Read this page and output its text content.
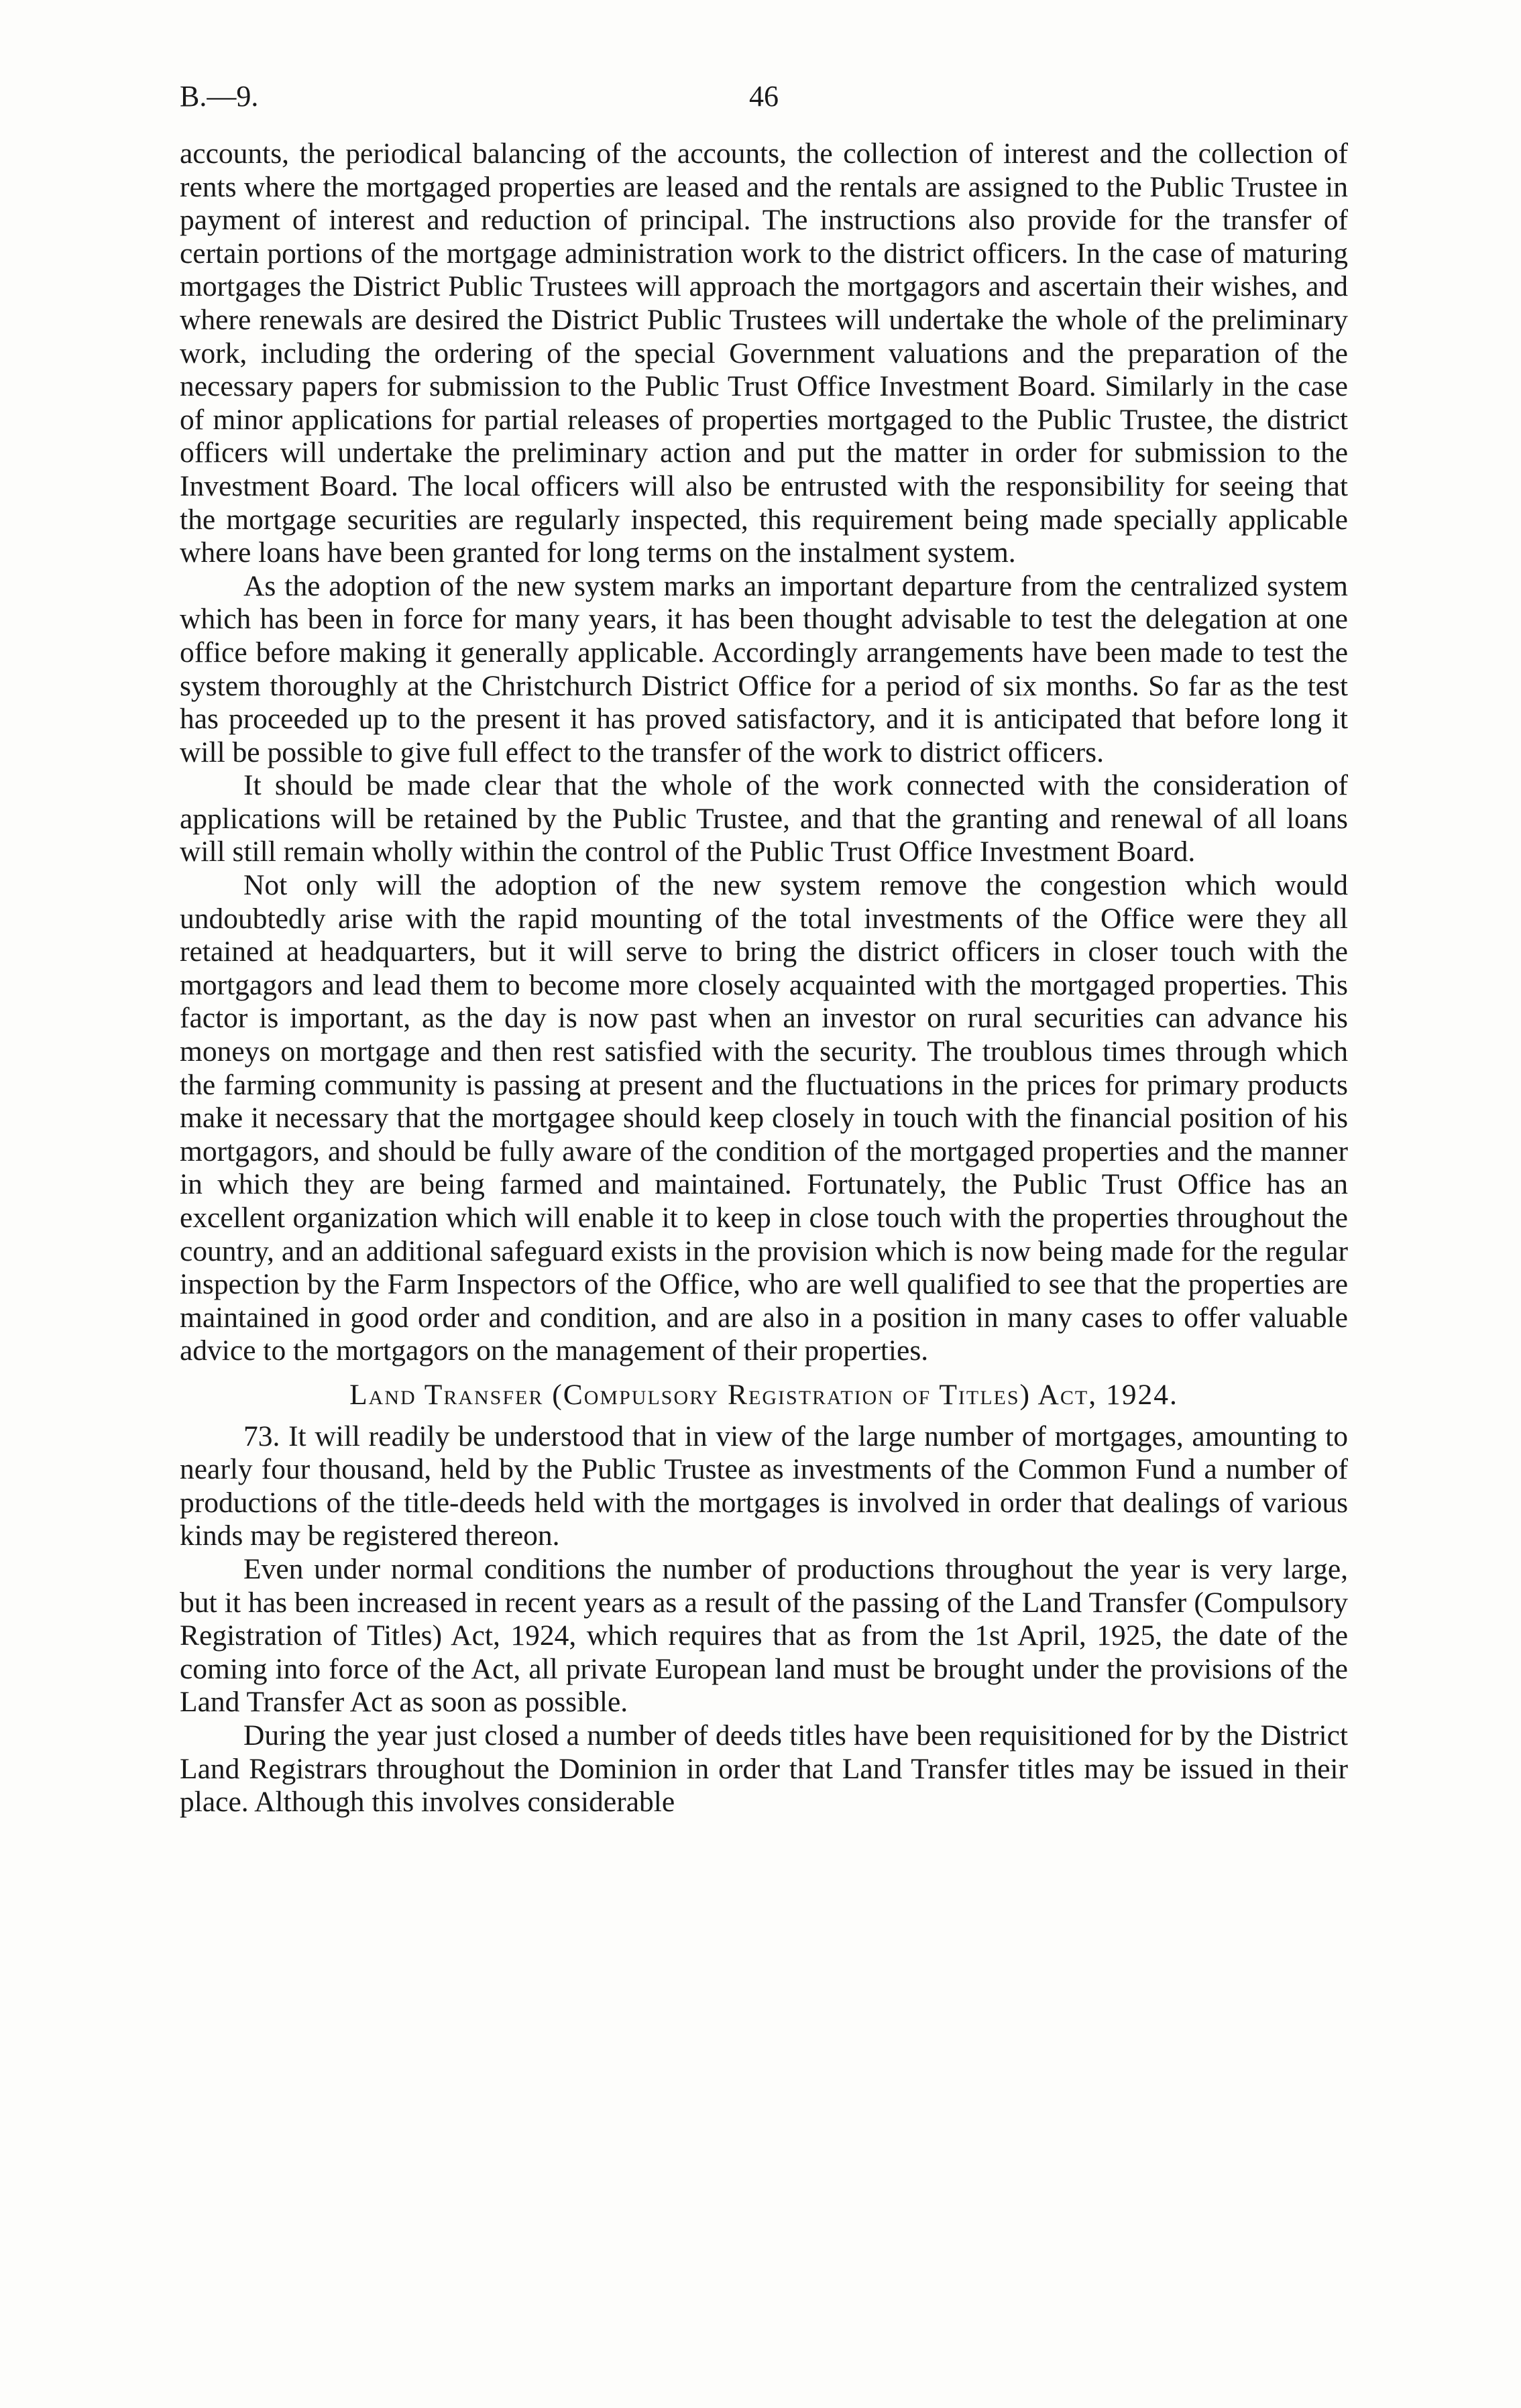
B.—9.	46

accounts, the periodical balancing of the accounts, the collection of interest and the collection of rents where the mortgaged properties are leased and the rentals are assigned to the Public Trustee in payment of interest and reduction of principal. The instructions also provide for the transfer of certain portions of the mortgage administration work to the district officers. In the case of maturing mortgages the District Public Trustees will approach the mortgagors and ascertain their wishes, and where renewals are desired the District Public Trustees will undertake the whole of the preliminary work, including the ordering of the special Government valuations and the preparation of the necessary papers for submission to the Public Trust Office Investment Board. Similarly in the case of minor applications for partial releases of properties mortgaged to the Public Trustee, the district officers will undertake the preliminary action and put the matter in order for submission to the Investment Board. The local officers will also be entrusted with the responsibility for seeing that the mortgage securities are regularly inspected, this requirement being made specially applicable where loans have been granted for long terms on the instalment system.

As the adoption of the new system marks an important departure from the centralized system which has been in force for many years, it has been thought advisable to test the delegation at one office before making it generally applicable. Accordingly arrangements have been made to test the system thoroughly at the Christchurch District Office for a period of six months. So far as the test has proceeded up to the present it has proved satisfactory, and it is anticipated that before long it will be possible to give full effect to the transfer of the work to district officers.

It should be made clear that the whole of the work connected with the consideration of applications will be retained by the Public Trustee, and that the granting and renewal of all loans will still remain wholly within the control of the Public Trust Office Investment Board.

Not only will the adoption of the new system remove the congestion which would undoubtedly arise with the rapid mounting of the total investments of the Office were they all retained at headquarters, but it will serve to bring the district officers in closer touch with the mortgagors and lead them to become more closely acquainted with the mortgaged properties. This factor is important, as the day is now past when an investor on rural securities can advance his moneys on mortgage and then rest satisfied with the security. The troublous times through which the farming community is passing at present and the fluctuations in the prices for primary products make it necessary that the mortgagee should keep closely in touch with the financial position of his mortgagors, and should be fully aware of the condition of the mortgaged properties and the manner in which they are being farmed and maintained. Fortunately, the Public Trust Office has an excellent organization which will enable it to keep in close touch with the properties throughout the country, and an additional safeguard exists in the provision which is now being made for the regular inspection by the Farm Inspectors of the Office, who are well qualified to see that the properties are maintained in good order and condition, and are also in a position in many cases to offer valuable advice to the mortgagors on the management of their properties.

Land Transfer (Compulsory Registration of Titles) Act, 1924.

73. It will readily be understood that in view of the large number of mortgages, amounting to nearly four thousand, held by the Public Trustee as investments of the Common Fund a number of productions of the title-deeds held with the mortgages is involved in order that dealings of various kinds may be registered thereon.

Even under normal conditions the number of productions throughout the year is very large, but it has been increased in recent years as a result of the passing of the Land Transfer (Compulsory Registration of Titles) Act, 1924, which requires that as from the 1st April, 1925, the date of the coming into force of the Act, all private European land must be brought under the provisions of the Land Transfer Act as soon as possible.

During the year just closed a number of deeds titles have been requisitioned for by the District Land Registrars throughout the Dominion in order that Land Transfer titles may be issued in their place. Although this involves considerable
